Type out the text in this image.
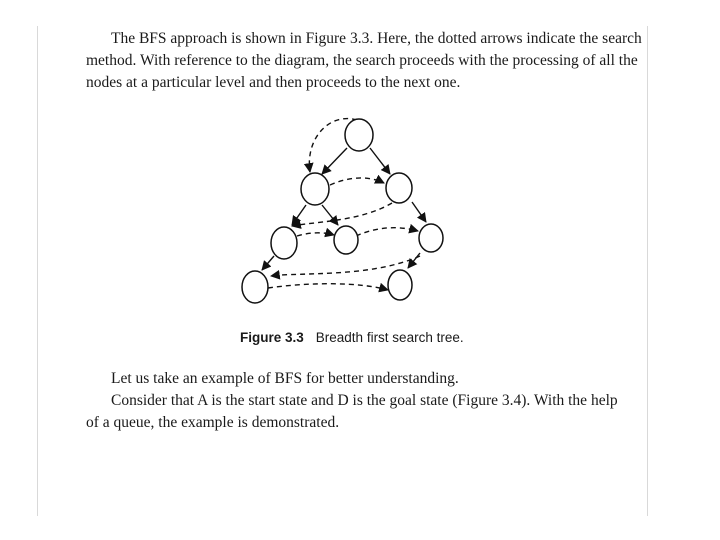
The BFS approach is shown in Figure 3.3. Here, the dotted arrows indicate the search
method. With reference to the diagram, the search proceeds with the processing of all the
nodes at a particular level and then proceeds to the next one.

Figure 3.3 Breadth first search tree.

Let us take an example of BFS for better understanding.
Consider that A is the start state and D is the goal state (Figure 3.4). With the help
of a queue, the example is demonstrated.
